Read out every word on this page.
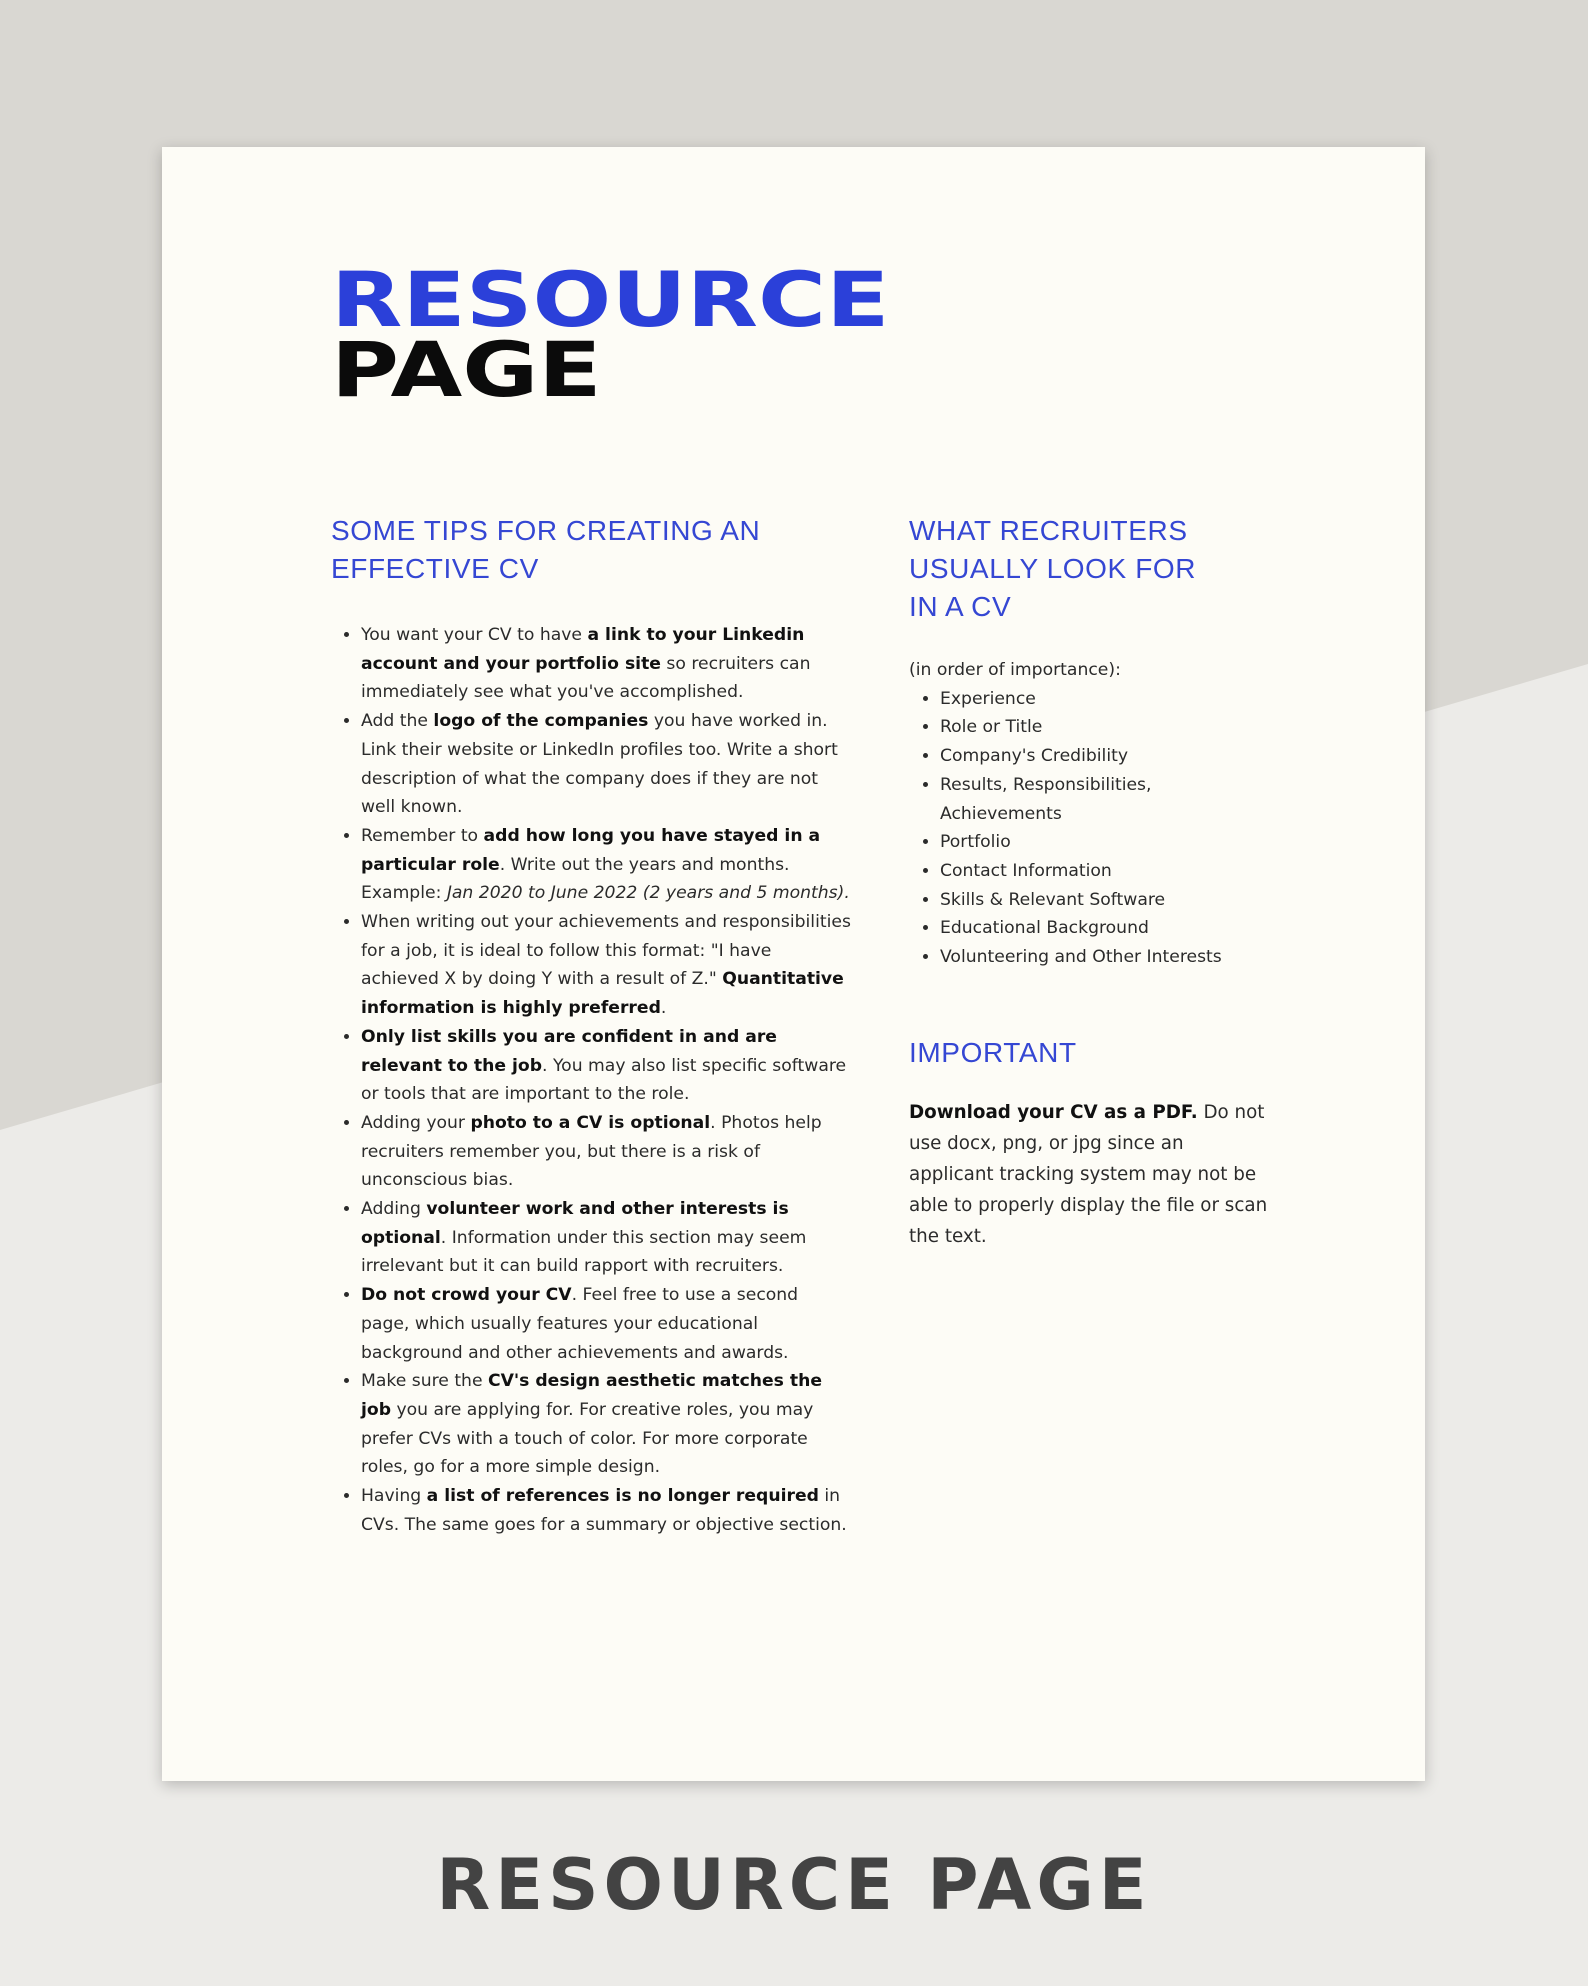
RESOURCE
PAGE
SOME TIPS FOR CREATING AN
EFFECTIVE CV
• You want your CV to have a link to your Linkedin account and your portfolio site so recruiters can immediately see what you've accomplished.
• Add the logo of the companies you have worked in. Link their website or LinkedIn profiles too. Write a short description of what the company does if they are not well known.
• Remember to add how long you have stayed in a particular role. Write out the years and months. Example: Jan 2020 to June 2022 (2 years and 5 months).
• When writing out your achievements and responsibilities for a job, it is ideal to follow this format: "I have achieved X by doing Y with a result of Z." Quantitative information is highly preferred.
• Only list skills you are confident in and are relevant to the job. You may also list specific software or tools that are important to the role.
• Adding your photo to a CV is optional. Photos help recruiters remember you, but there is a risk of unconscious bias.
• Adding volunteer work and other interests is optional. Information under this section may seem irrelevant but it can build rapport with recruiters.
• Do not crowd your CV. Feel free to use a second page, which usually features your educational background and other achievements and awards.
• Make sure the CV's design aesthetic matches the job you are applying for. For creative roles, you may prefer CVs with a touch of color. For more corporate roles, go for a more simple design.
• Having a list of references is no longer required in CVs. The same goes for a summary or objective section.
WHAT RECRUITERS
USUALLY LOOK FOR
IN A CV

(in order of importance):

• Experience
• Role or Title
• Company's Credibility
• Results, Responsibilities, Achievements
• Portfolio
• Contact Information
• Skills & Relevant Software
• Educational Background
• Volunteering and Other Interests
IMPORTANT

Download your CV as a PDF. Do not use docx, png, or jpg since an applicant tracking system may not be able to properly display the file or scan the text.

RESOURCE PAGE
